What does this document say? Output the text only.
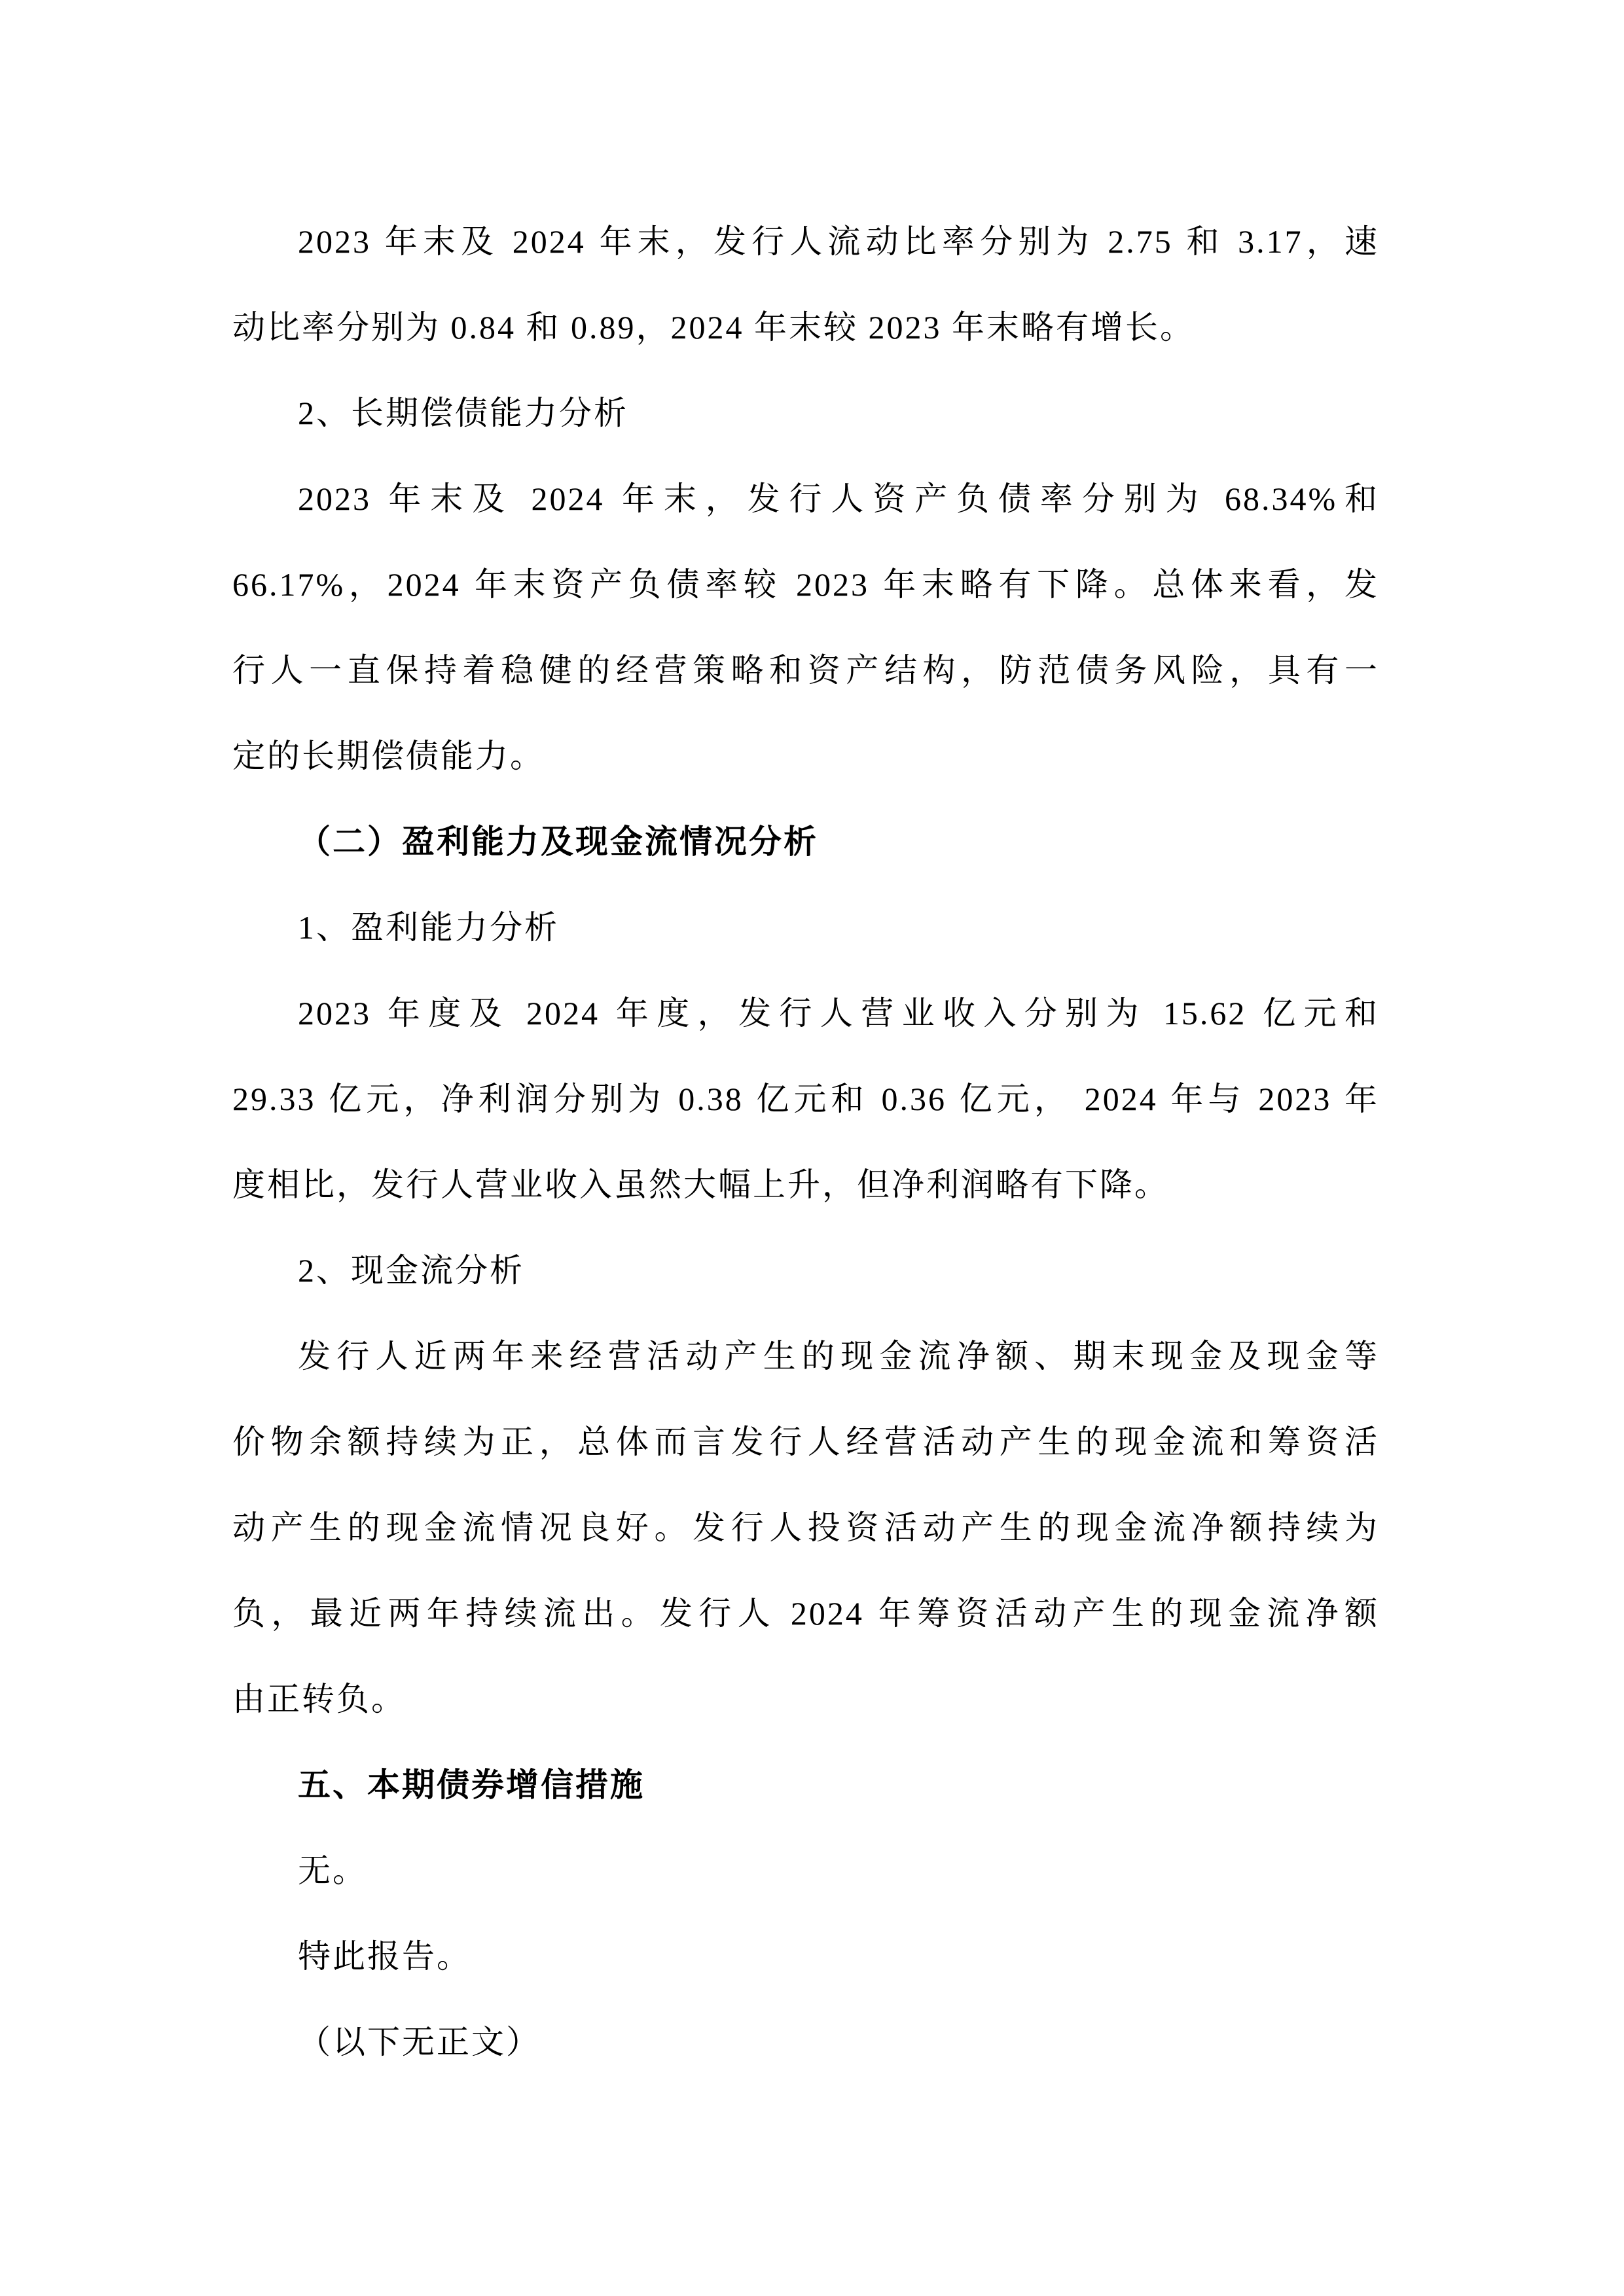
2023 年末及 2024 年末，发行人流动比率分别为 2.75 和 3.17，速
动比率分别为 0.84 和 0.89，2024 年末较 2023 年末略有增长。
2、长期偿债能力分析
2023 年末及 2024 年末，发行人资产负债率分别为 68.34%和
66.17%，2024 年末资产负债率较 2023 年末略有下降。总体来看，发
行人一直保持着稳健的经营策略和资产结构，防范债务风险，具有一
定的长期偿债能力。
（二）盈利能力及现金流情况分析
1、盈利能力分析
2023 年度及 2024 年度，发行人营业收入分别为 15.62 亿元和
29.33 亿元，净利润分别为 0.38 亿元和 0.36 亿元， 2024 年与 2023 年
度相比，发行人营业收入虽然大幅上升，但净利润略有下降。
2、现金流分析
发行人近两年来经营活动产生的现金流净额、期末现金及现金等
价物余额持续为正，总体而言发行人经营活动产生的现金流和筹资活
动产生的现金流情况良好。发行人投资活动产生的现金流净额持续为
负，最近两年持续流出。发行人 2024 年筹资活动产生的现金流净额
由正转负。
五、本期债券增信措施
无。
特此报告。
（以下无正文）
